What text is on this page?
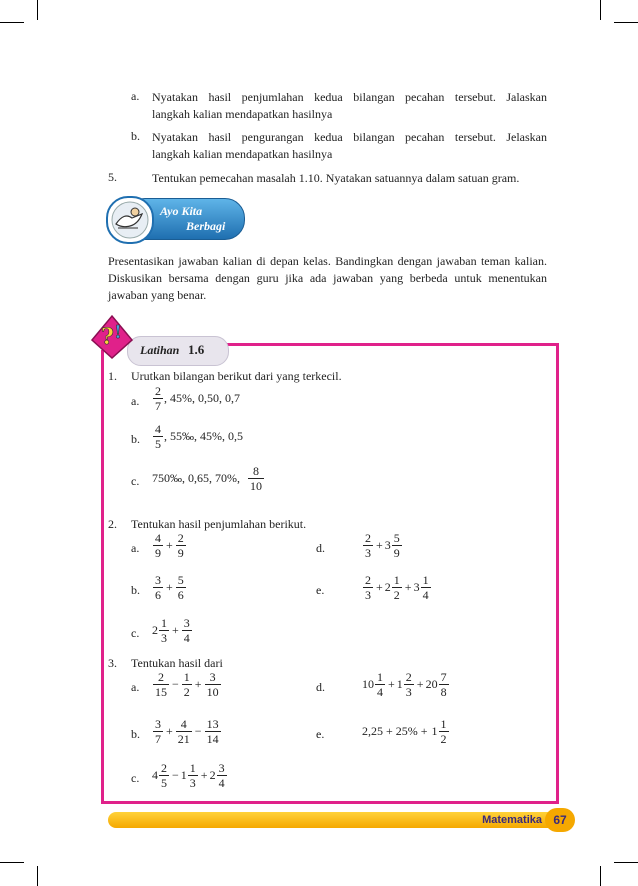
a. Nyatakan hasil penjumlahan kedua bilangan pecahan tersebut. Jalaskan
langkah kalian mendapatkan hasilnya
b. Nyatakan hasil pengurangan kedua bilangan pecahan tersebut. Jelaskan
langkah kalian mendapatkan hasilnya
5.	Tentukan pemecahan masalah 1.10. Nyatakan satuannya dalam satuan gram.
Ayo Kita
Berbagi
Presentasikan jawaban kalian di depan kelas. Bandingkan dengan jawaban teman kalian.
Diskusikan bersama dengan guru jika ada jawaban yang berbeda untuk menentukan
jawaban yang benar.
Latihan 1.6
? !
1. Urutkan bilangan berikut dari yang terkecil.
a. $\frac{2}{7}$ , 45%, 0,50, 0,7
b. $\frac{4}{5}$ , 55‰, 45%, 0,5
c. 750‰, 0,65, 70%, $\frac{8}{10}$
2. Tentukan hasil penjumlahan berikut.
a. $\frac{4}{9} + \frac{2}{9}$
b. $\frac{3}{6} + \frac{5}{6}$
c. $2 \frac{1}{3} + \frac{3}{4}$
d.	$\frac{2}{3} + 3 \frac{5}{9}$
e.	$\frac{2}{3} + 2 \frac{1}{2} + 3 \frac{1}{4}$
3. Tentukan hasil dari
a. $\frac{2}{15} - \frac{1}{2} + \frac{3}{10}$
b. $\frac{3}{7} + \frac{4}{21} - \frac{13}{14}$
c. $4 \frac{2}{5} - 1 \frac{1}{3} + 2 \frac{3}{4}$
d.	$10 \frac{1}{4} + 1 \frac{2}{3} + 20 \frac{7}{8}$
e.	$2,25 + 25\% + 1 \frac{1}{2}$
Matematika 67
